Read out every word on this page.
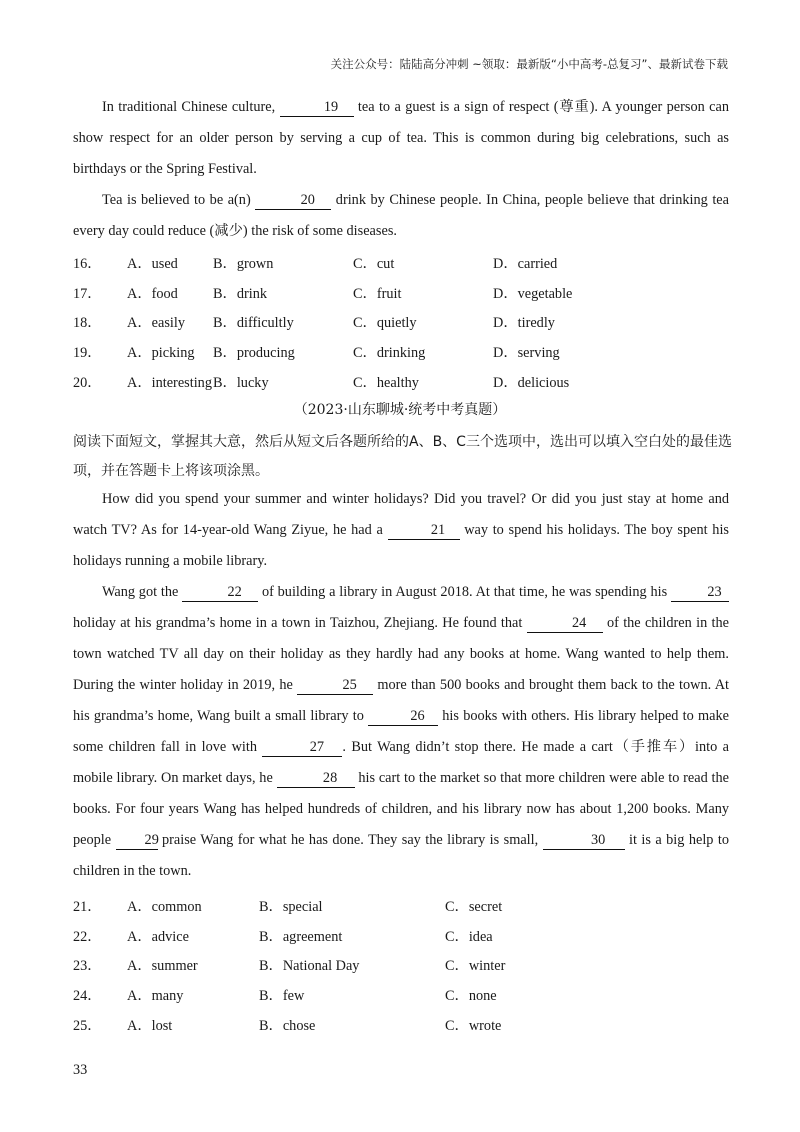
关注公众号：陆陆高分冲刺 ~领取：最新版“小中高考-总复习”、最新试卷下载

In traditional Chinese culture,	19 tea to a guest is a sign of respect (尊重). A younger person can show respect for an older person by serving a cup of tea. This is common during big celebrations, such as birthdays or the Spring Festival.

Tea is believed to be a(n)	20 drink by Chinese people. In China, people believe that drinking tea every day could reduce (减少) the risk of some diseases.

16．	A．used	B．grown	C．cut	D．carried
17．	A．food	B．drink	C．fruit	D．vegetable
18．	A．easily	B．difficultly	C．quietly	D．tiredly
19．	A．picking	B．producing	C．drinking	D．serving
20．	A．interesting B．lucky	C．healthy	D．delicious
（2023·山东聊城·统考中考真题）
阅读下面短文，掌握其大意，然后从短文后各题所给的A、B、C三个选项中，选出可以填入空白处的最佳选项，并在答题卡上将该项涂黑。

How did you spend your summer and winter holidays? Did you travel? Or did you just stay at home and watch TV? As for 14-year-old Wang Ziyue, he had a	21 way to spend his holidays. The boy spent his holidays running a mobile library.

Wang got the	22 of building a library in August 2018. At that time, he was spending his	23 holiday at his grandma’s home in a town in Taizhou, Zhejiang. He found that	24 of the children in the town watched TV all day on their holiday as they hardly had any books at home. Wang wanted to help them. During the winter holiday in 2019, he	25 more than 500 books and brought them back to the town. At his grandma’s home, Wang built a small library to	26 his books with others. His library helped to make some children fall in love with	27 . But Wang didn’t stop there. He made a cart（手推车）into a mobile library. On market days, he	28 his cart to the market so that more children were able to read the books. For four years Wang has helped hundreds of children, and his library now has about 1,200 books. Many people 29 praise Wang for what he has done. They say the library is small,	30 it is a big help to children in the town.

21．	A．common	B．special	C．secret
22．	A．advice	B．agreement	C．idea
23．	A．summer	B．National Day	C．winter
24．	A．many	B．few	C．none
25．	A．lost	B．chose	C．wrote
33
